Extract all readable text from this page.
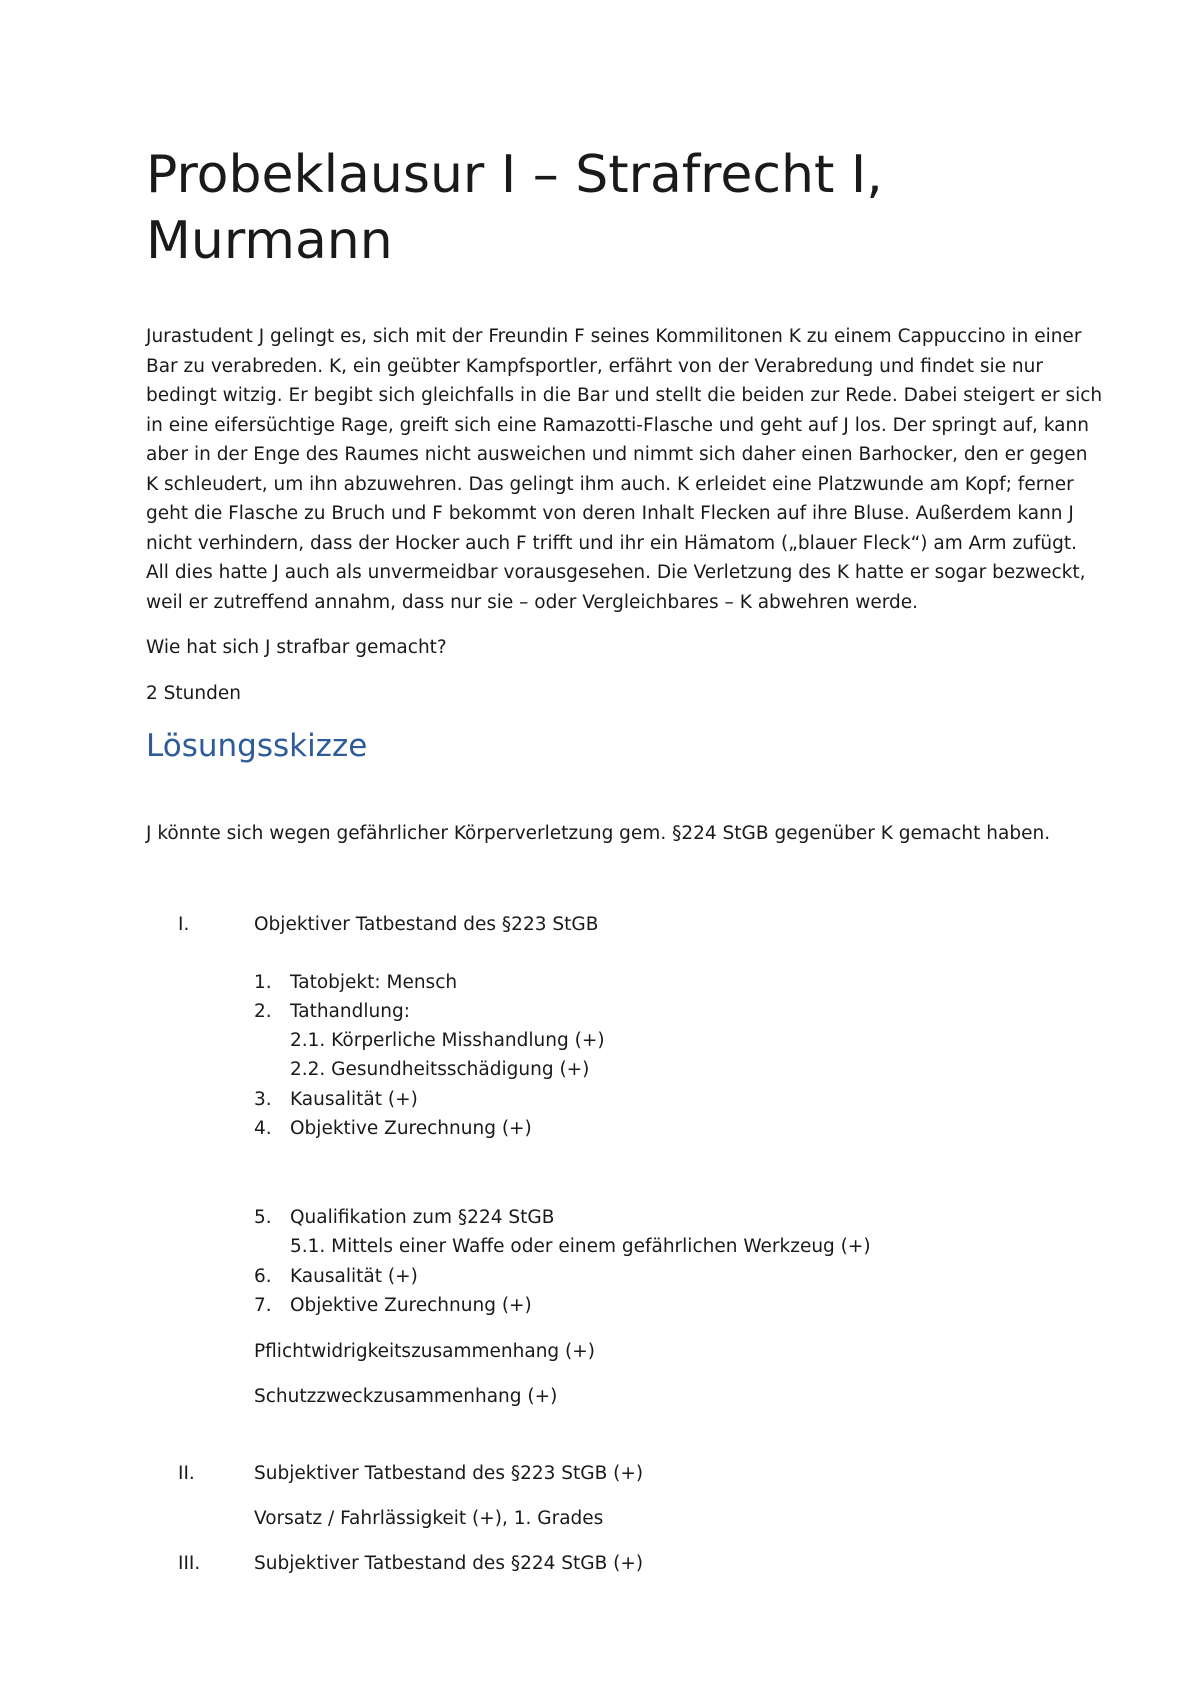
Probeklausur I – Strafrecht I,
Murmann

Jurastudent J gelingt es, sich mit der Freundin F seines Kommilitonen K zu einem Cappuccino in einer
Bar zu verabreden. K, ein geübter Kampfsportler, erfährt von der Verabredung und findet sie nur
bedingt witzig. Er begibt sich gleichfalls in die Bar und stellt die beiden zur Rede. Dabei steigert er sich
in eine eifersüchtige Rage, greift sich eine Ramazotti-Flasche und geht auf J los. Der springt auf, kann
aber in der Enge des Raumes nicht ausweichen und nimmt sich daher einen Barhocker, den er gegen
K schleudert, um ihn abzuwehren. Das gelingt ihm auch. K erleidet eine Platzwunde am Kopf; ferner
geht die Flasche zu Bruch und F bekommt von deren Inhalt Flecken auf ihre Bluse. Außerdem kann J
nicht verhindern, dass der Hocker auch F trifft und ihr ein Hämatom („blauer Fleck“) am Arm zufügt.
All dies hatte J auch als unvermeidbar vorausgesehen. Die Verletzung des K hatte er sogar bezweckt,
weil er zutreffend annahm, dass nur sie – oder Vergleichbares – K abwehren werde.

Wie hat sich J strafbar gemacht?

2 Stunden

Lösungsskizze

J könnte sich wegen gefährlicher Körperverletzung gem. §224 StGB gegenüber K gemacht haben.

I.	Objektiver Tatbestand des §223 StGB
1. Tatobjekt: Mensch
2. Tathandlung:
2.1. Körperliche Misshandlung (+)
2.2. Gesundheitsschädigung (+)
3. Kausalität (+)
4. Objektive Zurechnung (+)
5. Qualifikation zum §224 StGB
5.1. Mittels einer Waffe oder einem gefährlichen Werkzeug (+)
6. Kausalität (+)
7. Objektive Zurechnung (+)
Pflichtwidrigkeitszusammenhang (+)
Schutzzweckzusammenhang (+)
II.	Subjektiver Tatbestand des §223 StGB (+)
Vorsatz / Fahrlässigkeit (+), 1. Grades
III.	Subjektiver Tatbestand des §224 StGB (+)
